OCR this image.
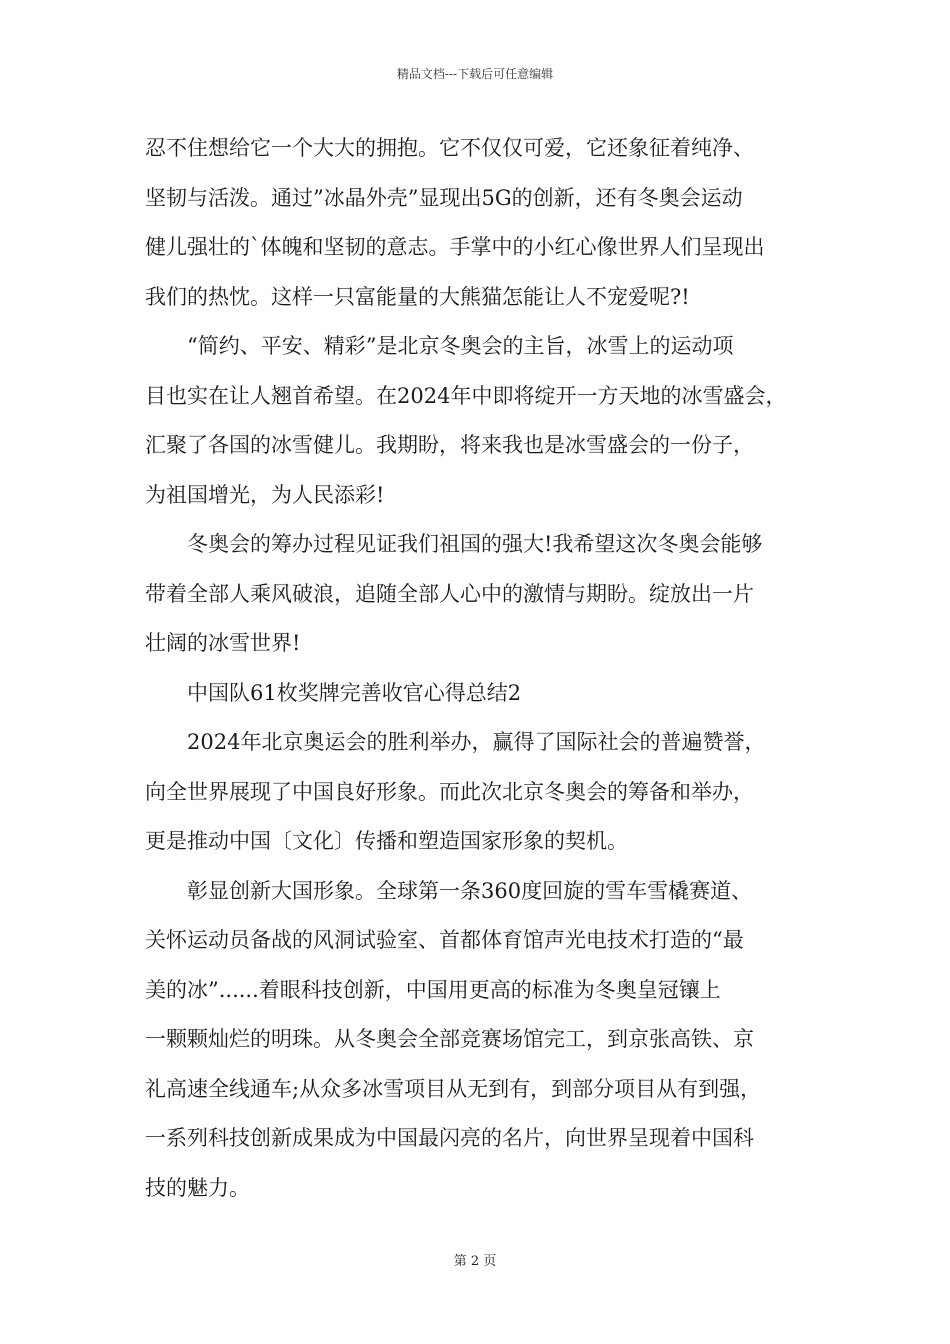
精品文档---下载后可任意编辑

忍不住想给它一个大大的拥抱。它不仅仅可爱，它还象征着纯净、

坚韧与活泼。通过”冰晶外壳”显现出5G的创新，还有冬奥会运动

健儿强壮的`体魄和坚韧的意志。手掌中的小红心像世界人们呈现出

我们的热忱。这样一只富能量的大熊猫怎能让人不宠爱呢?!

“简约、平安、精彩”是北京冬奥会的主旨，冰雪上的运动项

目也实在让人翘首希望。在2024年中即将绽开一方天地的冰雪盛会，

汇聚了各国的冰雪健儿。我期盼，将来我也是冰雪盛会的一份子，

为祖国增光，为人民添彩!

冬奥会的筹办过程见证我们祖国的强大!我希望这次冬奥会能够

带着全部人乘风破浪，追随全部人心中的激情与期盼。绽放出一片

壮阔的冰雪世界!

中国队61枚奖牌完善收官心得总结2

2024年北京奥运会的胜利举办，赢得了国际社会的普遍赞誉，

向全世界展现了中国良好形象。而此次北京冬奥会的筹备和举办，

更是推动中国〔文化〕传播和塑造国家形象的契机。

彰显创新大国形象。全球第一条360度回旋的雪车雪橇赛道、

关怀运动员备战的风洞试验室、首都体育馆声光电技术打造的“最

美的冰”......着眼科技创新，中国用更高的标准为冬奥皇冠镶上

一颗颗灿烂的明珠。从冬奥会全部竞赛场馆完工，到京张高铁、京

礼高速全线通车;从众多冰雪项目从无到有，到部分项目从有到强，

一系列科技创新成果成为中国最闪亮的名片，向世界呈现着中国科

技的魅力。

第 2 页
